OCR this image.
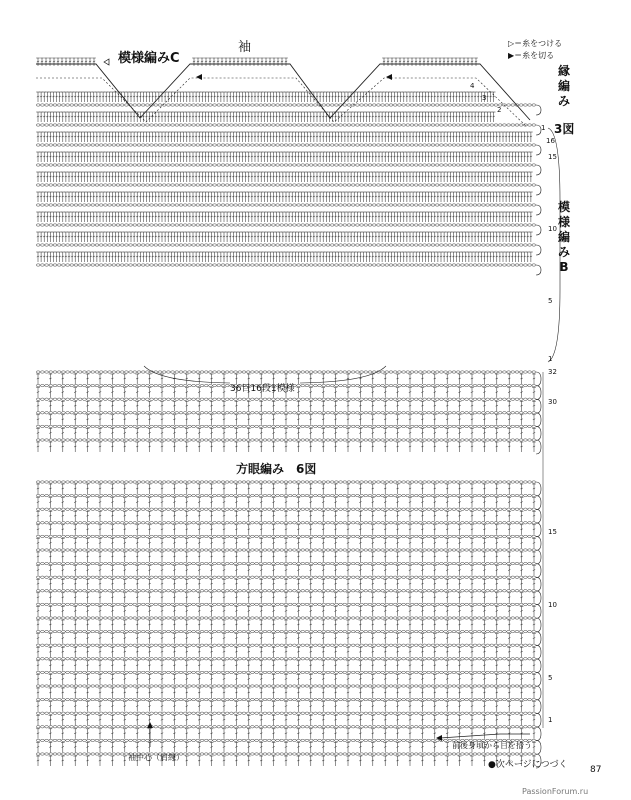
袖
模様編みC
▷＝糸をつける
▶＝糸を切る
縁
編
み
3図
模
様
編
み
B
36目16段1模様
方眼編み　6図
袖中心（肩線）
前後身頃から目を拾う
●次ページにつづく	87
PassionForum.ru
4
3
2
1
16
15
10
5
1
32
30
15
10
5
1
